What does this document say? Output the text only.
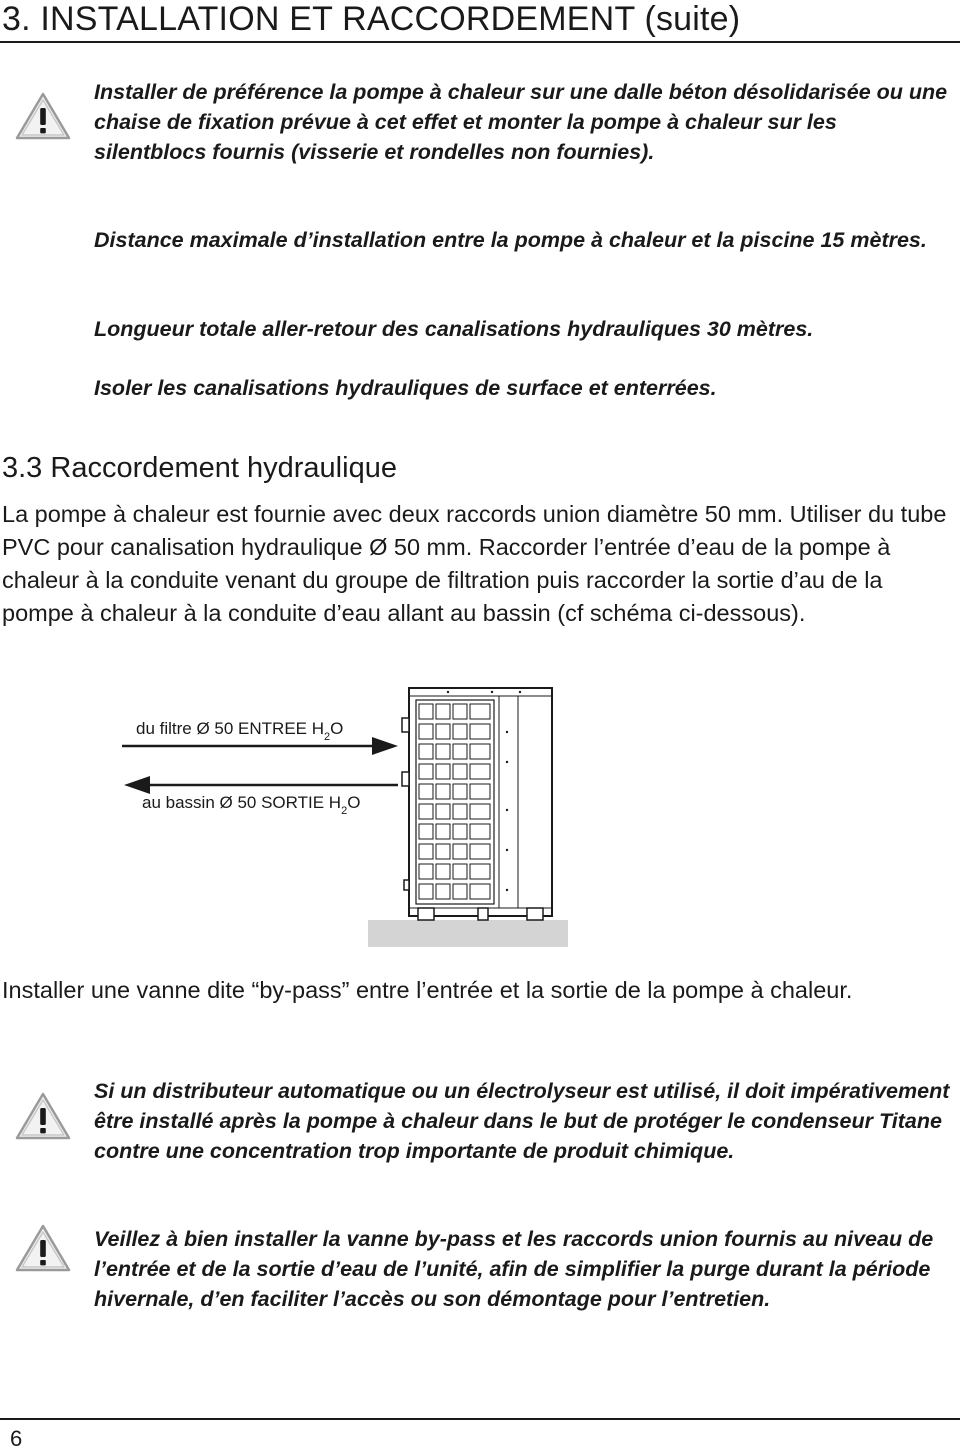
3. INSTALLATION ET RACCORDEMENT (suite)

Installer de préférence la pompe à chaleur sur une dalle béton désolidarisée ou une chaise de fixation prévue à cet effet et monter la pompe à chaleur sur les silentblocs fournis (visserie et rondelles non fournies).

Distance maximale d’installation entre la pompe à chaleur et la piscine 15 mètres.

Longueur totale aller-retour des canalisations hydrauliques 30 mètres.

Isoler les canalisations hydrauliques de surface et enterrées.

3.3 Raccordement hydraulique

La pompe à chaleur est fournie avec deux raccords union diamètre 50 mm. Utiliser du tube PVC pour canalisation hydraulique Ø 50 mm. Raccorder l’entrée d’eau de la pompe à chaleur à la conduite venant du groupe de filtration puis raccorder la sortie d’au de la pompe à chaleur à la conduite d’eau allant au bassin (cf schéma ci-dessous).

du filtre Ø 50 ENTREE $H_2O$
au bassin Ø 50 SORTIE $H_2O$

Installer une vanne dite “by-pass” entre l’entrée et la sortie de la pompe à chaleur.

Si un distributeur automatique ou un électrolyseur est utilisé, il doit impérativement être installé après la pompe à chaleur dans le but de protéger le condenseur Titane contre une concentration trop importante de produit chimique.

Veillez à bien installer la vanne by-pass et les raccords union fournis au niveau de l’entrée et de la sortie d’eau de l’unité, afin de simplifier la purge durant la période hivernale, d’en faciliter l’accès ou son démontage pour l’entretien.

6
